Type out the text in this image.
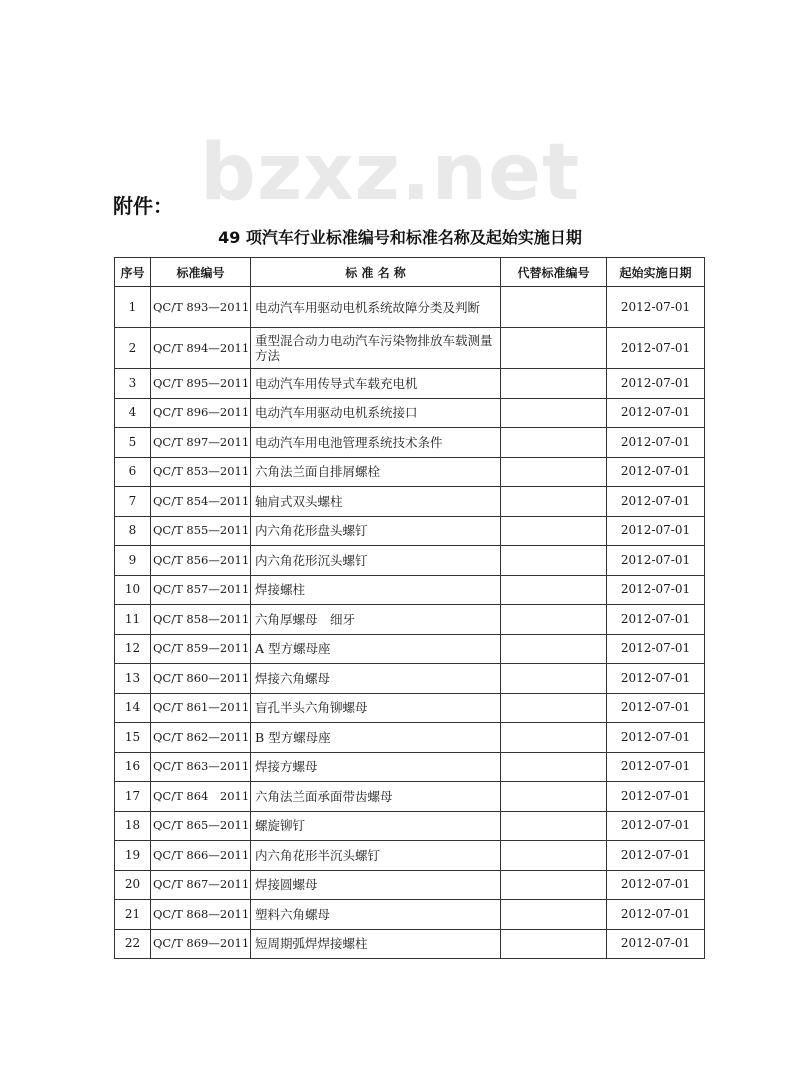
bzxz.net
附件：
49 项汽车行业标准编号和标准名称及起始实施日期
序号	标准编号	标 准 名 称	代替标准编号	起始实施日期
1	QC/T 893—2011	电动汽车用驱动电机系统故障分类及判断		2012-07-01
2	QC/T 894—2011	重型混合动力电动汽车污染物排放车载测量方法		2012-07-01
3	QC/T 895—2011	电动汽车用传导式车载充电机		2012-07-01
4	QC/T 896—2011	电动汽车用驱动电机系统接口		2012-07-01
5	QC/T 897—2011	电动汽车用电池管理系统技术条件		2012-07-01
6	QC/T 853—2011	六角法兰面自排屑螺栓		2012-07-01
7	QC/T 854—2011	轴肩式双头螺柱		2012-07-01
8	QC/T 855—2011	内六角花形盘头螺钉		2012-07-01
9	QC/T 856—2011	内六角花形沉头螺钉		2012-07-01
10	QC/T 857—2011	焊接螺柱		2012-07-01
11	QC/T 858—2011	六角厚螺母　细牙		2012-07-01
12	QC/T 859—2011	A 型方螺母座		2012-07-01
13	QC/T 860—2011	焊接六角螺母		2012-07-01
14	QC/T 861—2011	盲孔半头六角铆螺母		2012-07-01
15	QC/T 862—2011	B 型方螺母座		2012-07-01
16	QC/T 863—2011	焊接方螺母		2012-07-01
17	QC/T 864　2011	六角法兰面承面带齿螺母		2012-07-01
18	QC/T 865—2011	螺旋铆钉		2012-07-01
19	QC/T 866—2011	内六角花形半沉头螺钉		2012-07-01
20	QC/T 867—2011	焊接圆螺母		2012-07-01
21	QC/T 868—2011	塑料六角螺母		2012-07-01
22	QC/T 869—2011	短周期弧焊焊接螺柱		2012-07-01
